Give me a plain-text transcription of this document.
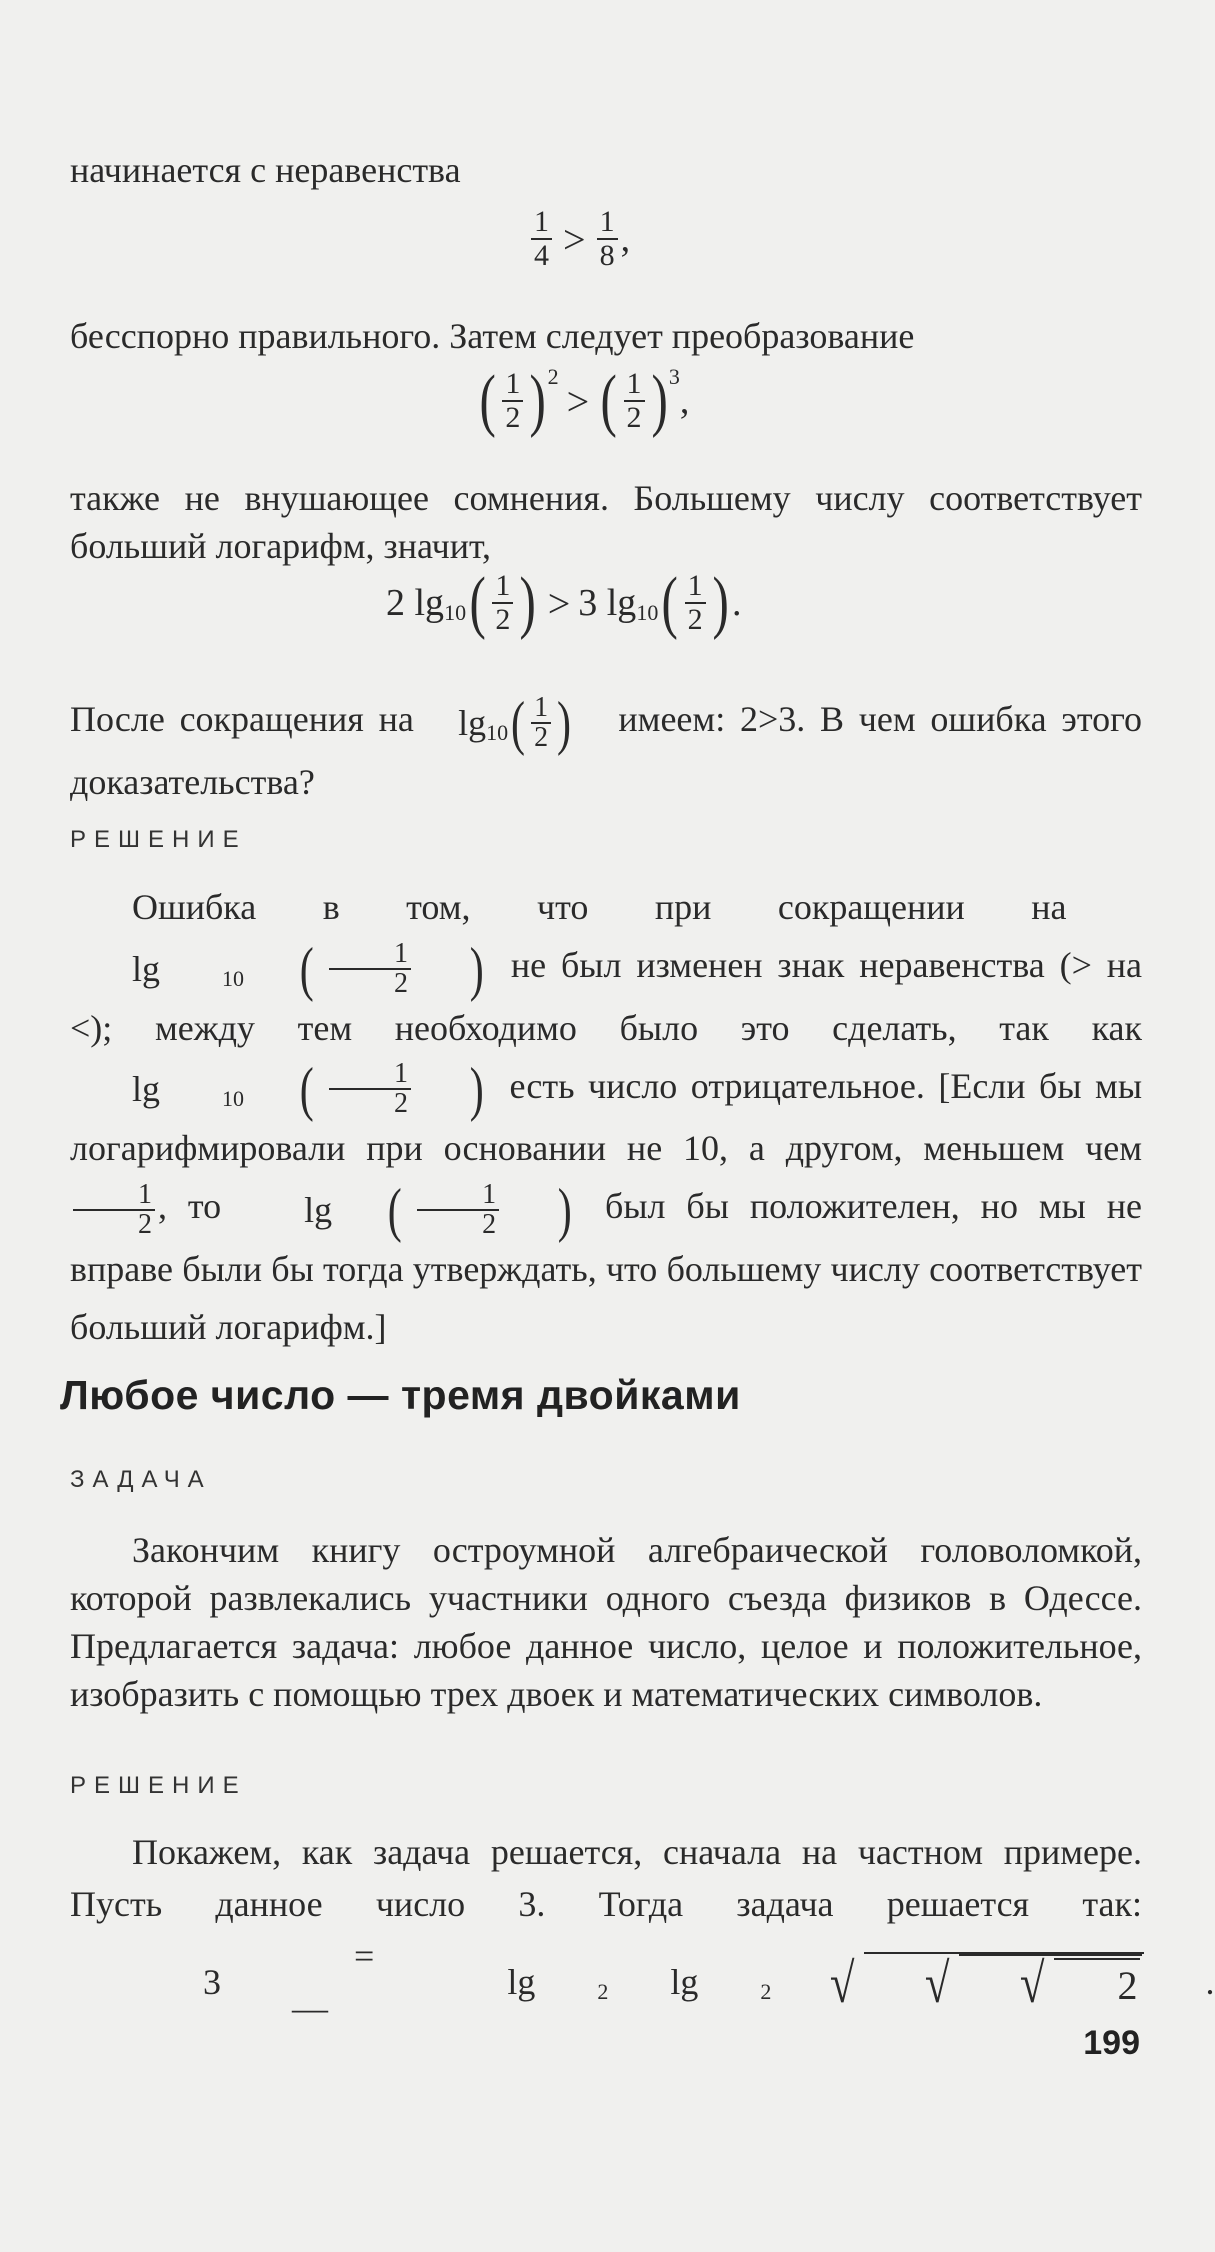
начинается с неравенства
$\frac{1}{4} > \frac{1}{8}$ ,
бесспорно правильного. Затем следует преобразование
( $\frac{1}{2}$ ) 2
> ( $\frac{1}{2}$ ) 3
,

также не внушающее сомнения. Большему числу соответствует больший логарифм, значит,

2
lg 10 ( $\frac{1}{2}$ ) > 3
lg 10 ( $\frac{1}{2}$ ) .

После сокращения на lg 10 ( $\frac{1}{2}$ ) имеем: 2>3. В чем ошибка этого доказательства?

РЕШЕНИЕ

Ошибка в том, что при сокращении на
lg	10 ( $\frac{1}{2}$ ) не был изменен знак неравенства (> на <); между тем необходимо было это сделать, так как
lg	10 ( $\frac{1}{2}$ ) есть число отрицательное. [Если бы мы логарифмировали при основании не 10, а другом, меньшем чем
$\frac{1}{2}$ , то	lg ( $\frac{1}{2}$ ) был бы положителен, но мы не вправе были бы тогда утверждать, что большему числу соответствует больший логарифм.]

Любое число — тремя двойками
ЗАДАЧА

Закончим книгу остроумной алгебраической головоломкой, которой развлекались участники одного съезда физиков в Одессе. Предлагается задача: любое данное число, целое и положительное, изобразить с помощью трех двоек и математических символов.

РЕШЕНИЕ

Покажем, как задача решается, сначала на частном примере. Пусть данное число 3. Тогда задача решается так:
3

= —

lg	2	lg	2	√	√	√	2	.

199
